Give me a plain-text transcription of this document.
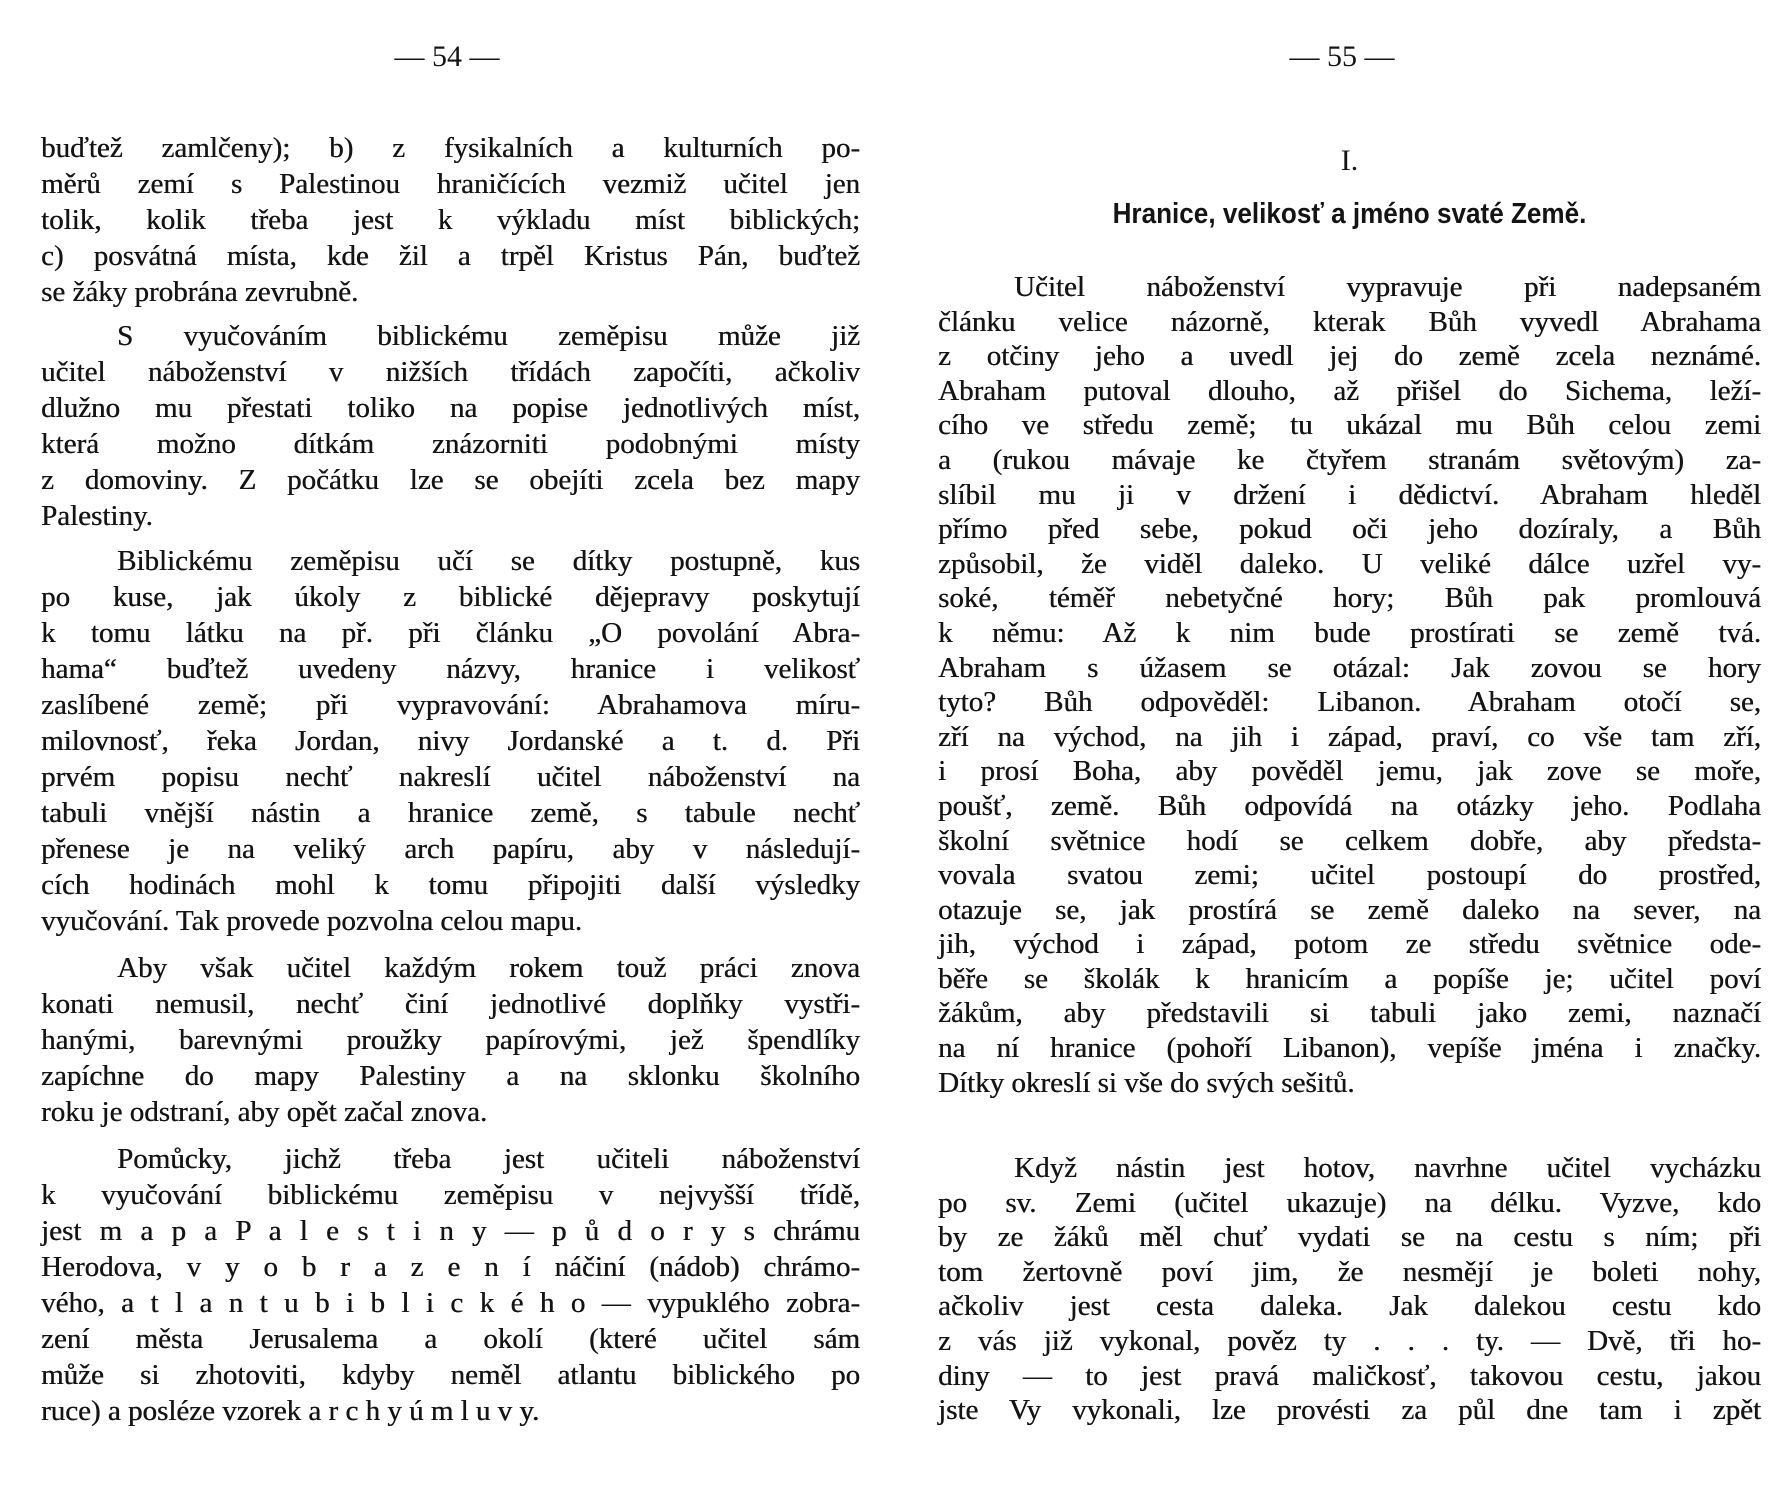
— 54 —	— 55 —
buďtež zamlčeny); b) z fysikalních a kulturních po-
měrů zemí s Palestinou hraničících vezmiž učitel jen
tolik, kolik třeba jest k výkladu míst biblických;
c) posvátná místa, kde žil a trpěl Kristus Pán, buďtež
se žáky probrána zevrubně.
S vyučováním biblickému zeměpisu může již
učitel náboženství v nižších třídách započíti, ačkoliv
dlužno mu přestati toliko na popise jednotlivých míst,
která možno dítkám znázorniti podobnými místy
z domoviny. Z počátku lze se obejíti zcela bez mapy
Palestiny.
Biblickému zeměpisu učí se dítky postupně, kus
po kuse, jak úkoly z biblické dějepravy poskytují
k tomu látku na př. při článku „O povolání Abra-
hama“ buďtež uvedeny názvy, hranice i velikosť
zaslíbené země; při vypravování: Abrahamova míru-
milovnosť, řeka Jordan, nivy Jordanské a t. d. Při
prvém popisu nechť nakreslí učitel náboženství na
tabuli vnější nástin a hranice země, s tabule nechť
přenese je na veliký arch papíru, aby v následují-
cích hodinách mohl k tomu připojiti další výsledky
vyučování. Tak provede pozvolna celou mapu.
Aby však učitel každým rokem touž práci znova
konati nemusil, nechť činí jednotlivé doplňky vystři-
hanými, barevnými proužky papírovými, jež špendlíky
zapíchne do mapy Palestiny a na sklonku školního
roku je odstraní, aby opět začal znova.
Pomůcky, jichž třeba jest učiteli náboženství
k vyučování biblickému zeměpisu v nejvyšší třídě,
jest m a p a P a l e s t i n y — p ů d o r y s chrámu
Herodova, v y o b r a z e n í náčiní (nádob) chrámo-
vého, a t l a n t u b i b l i c k é h o — vypuklého zobra-
zení města Jerusalema a okolí (které učitel sám
může si zhotoviti, kdyby neměl atlantu biblického po
ruce) a posléze vzorek a r c h y ú m l u v y.
I.
Hranice, velikosť a jméno svaté Země.
Učitel náboženství vypravuje při nadepsaném
článku velice názorně, kterak Bůh vyvedl Abrahama
z otčiny jeho a uvedl jej do země zcela neznámé.
Abraham putoval dlouho, až přišel do Sichema, leží-
cího ve středu země; tu ukázal mu Bůh celou zemi
a (rukou mávaje ke čtyřem stranám světovým) za-
slíbil mu ji v držení i dědictví. Abraham hleděl
přímo před sebe, pokud oči jeho dozíraly, a Bůh
způsobil, že viděl daleko. U veliké dálce uzřel vy-
soké, téměř nebetyčné hory; Bůh pak promlouvá
k němu: Až k nim bude prostírati se země tvá.
Abraham s úžasem se otázal: Jak zovou se hory
tyto? Bůh odpověděl: Libanon. Abraham otočí se,
zří na východ, na jih i západ, praví, co vše tam zří,
i prosí Boha, aby pověděl jemu, jak zove se moře,
poušť, země. Bůh odpovídá na otázky jeho. Podlaha
školní světnice hodí se celkem dobře, aby předsta-
vovala svatou zemi; učitel postoupí do prostřed,
otazuje se, jak prostírá se země daleko na sever, na
jih, východ i západ, potom ze středu světnice ode-
běře se školák k hranicím a popíše je; učitel poví
žákům, aby představili si tabuli jako zemi, naznačí
na ní hranice (pohoří Libanon), vepíše jména i značky.
Dítky okreslí si vše do svých sešitů.
Když nástin jest hotov, navrhne učitel vycházku
po sv. Zemi (učitel ukazuje) na délku. Vyzve, kdo
by ze žáků měl chuť vydati se na cestu s ním; při
tom žertovně poví jim, že nesmějí je boleti nohy,
ačkoliv jest cesta daleka. Jak dalekou cestu kdo
z vás již vykonal, pověz ty . . . ty. — Dvě, tři ho-
diny — to jest pravá maličkosť, takovou cestu, jakou
jste Vy vykonali, lze provésti za půl dne tam i zpět
